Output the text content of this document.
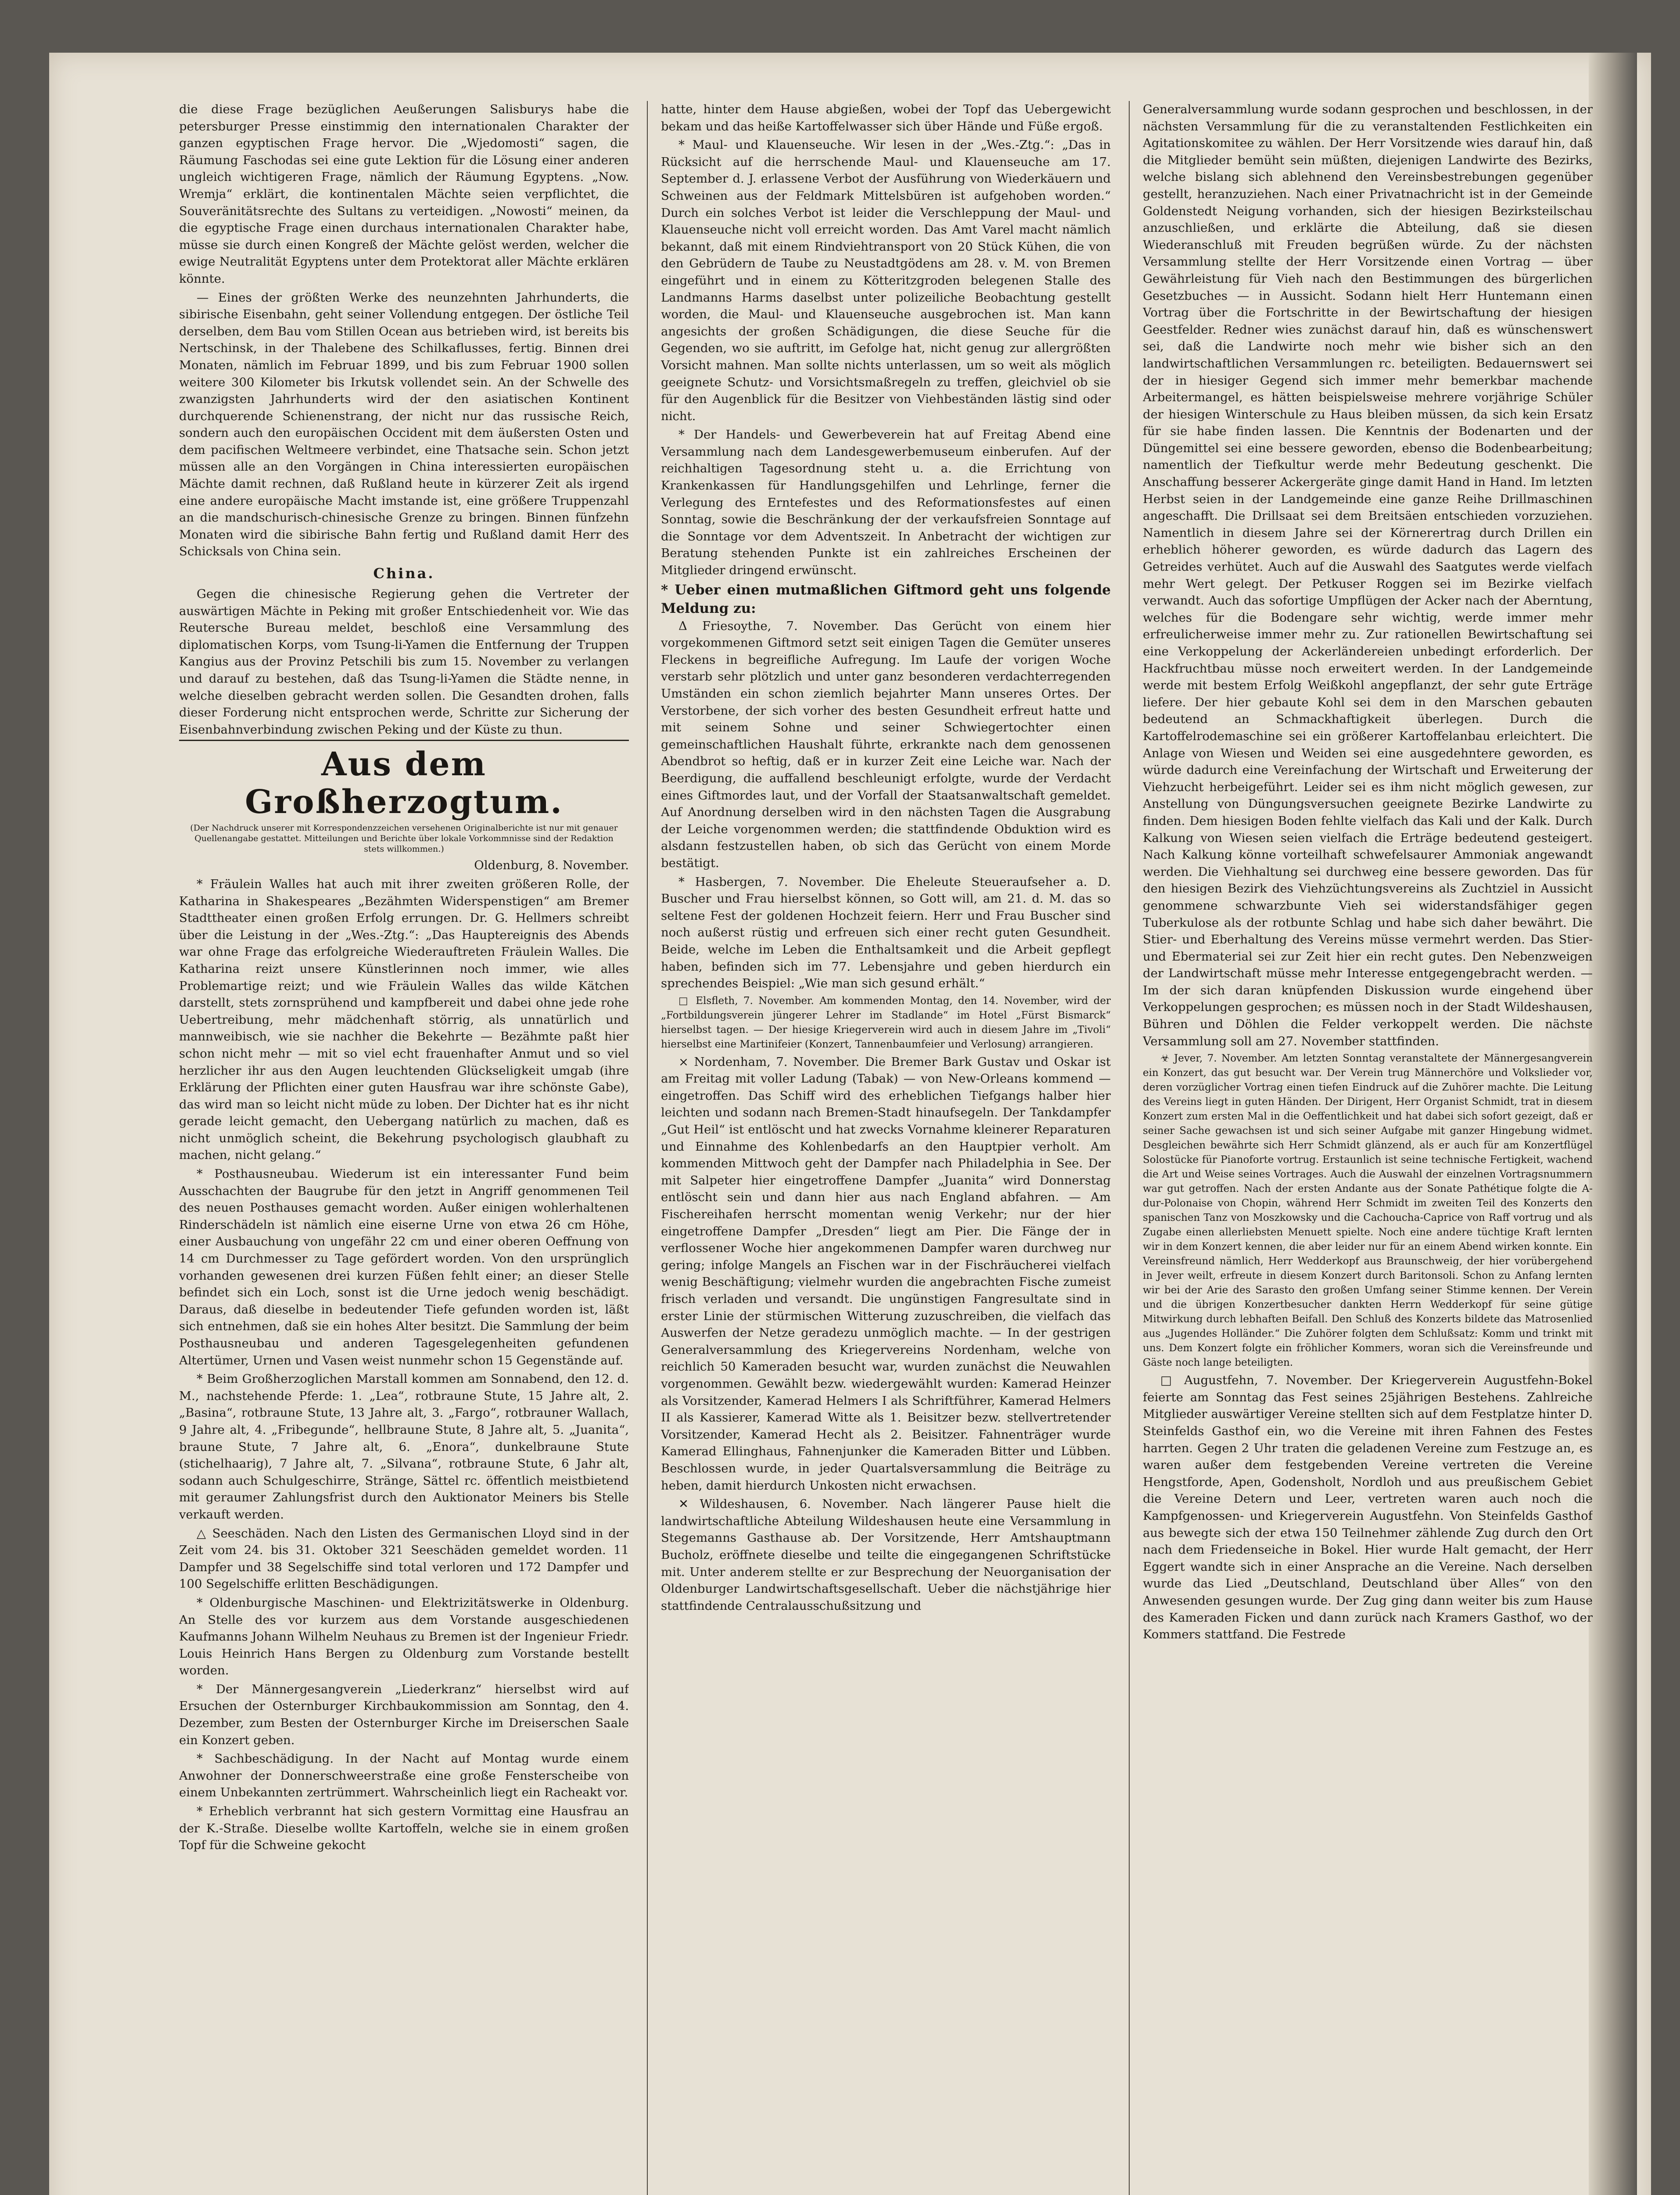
die diese Frage bezüglichen Aeußerungen Salisburys habe die petersburger Presse einstimmig den internationalen Charakter der ganzen egyptischen Frage hervor. Die „Wjedomosti“ sagen, die Räumung Faschodas sei eine gute Lektion für die Lösung einer anderen ungleich wichtigeren Frage, nämlich der Räumung Egyptens. „Now. Wremja“ erklärt, die kontinentalen Mächte seien verpflichtet, die Souveränitätsrechte des Sultans zu verteidigen. „Nowosti“ meinen, da die egyptische Frage einen durchaus internationalen Charakter habe, müsse sie durch einen Kongreß der Mächte gelöst werden, welcher die ewige Neutralität Egyptens unter dem Protektorat aller Mächte erklären könnte.

— Eines der größten Werke des neunzehnten Jahrhunderts, die sibirische Eisenbahn, geht seiner Vollendung entgegen. Der östliche Teil derselben, dem Bau vom Stillen Ocean aus betrieben wird, ist bereits bis Nertschinsk, in der Thalebene des Schilkaflusses, fertig. Binnen drei Monaten, nämlich im Februar 1899, und bis zum Februar 1900 sollen weitere 300 Kilometer bis Irkutsk vollendet sein. An der Schwelle des zwanzigsten Jahrhunderts wird der den asiatischen Kontinent durchquerende Schienenstrang, der nicht nur das russische Reich, sondern auch den europäischen Occident mit dem äußersten Osten und dem pacifischen Weltmeere verbindet, eine Thatsache sein. Schon jetzt müssen alle an den Vorgängen in China interessierten europäischen Mächte damit rechnen, daß Rußland heute in kürzerer Zeit als irgend eine andere europäische Macht imstande ist, eine größere Truppenzahl an die mandschurisch-chinesische Grenze zu bringen. Binnen fünfzehn Monaten wird die sibirische Bahn fertig und Rußland damit Herr des Schicksals von China sein.

China.

Gegen die chinesische Regierung gehen die Vertreter der auswärtigen Mächte in Peking mit großer Entschiedenheit vor. Wie das Reutersche Bureau meldet, beschloß eine Versammlung des diplomatischen Korps, vom Tsung-li-Yamen die Entfernung der Truppen Kangius aus der Provinz Petschili bis zum 15. November zu verlangen und darauf zu bestehen, daß das Tsung-li-Yamen die Städte nenne, in welche dieselben gebracht werden sollen. Die Gesandten drohen, falls dieser Forderung nicht entsprochen werde, Schritte zur Sicherung der Eisenbahnverbindung zwischen Peking und der Küste zu thun.

Aus dem Großherzogtum.
(Der Nachdruck unserer mit Korrespondenzzeichen versehenen Originalberichte ist nur mit genauer Quellenangabe gestattet. Mitteilungen und Berichte über lokale Vorkommnisse sind der Redaktion stets willkommen.)
Oldenburg, 8. November.

* Fräulein Walles hat auch mit ihrer zweiten größeren Rolle, der Katharina in Shakespeares „Bezähmten Widerspenstigen“ am Bremer Stadttheater einen großen Erfolg errungen. Dr. G. Hellmers schreibt über die Leistung in der „Wes.-Ztg.“: „Das Hauptereignis des Abends war ohne Frage das erfolgreiche Wiederauftreten Fräulein Walles. Die Katharina reizt unsere Künstlerinnen noch immer, wie alles Problemartige reizt; und wie Fräulein Walles das wilde Kätchen darstellt, stets zornsprühend und kampfbereit und dabei ohne jede rohe Uebertreibung, mehr mädchenhaft störrig, als unnatürlich und mannweibisch, wie sie nachher die Bekehrte — Bezähmte paßt hier schon nicht mehr — mit so viel echt frauenhafter Anmut und so viel herzlicher ihr aus den Augen leuchtenden Glückseligkeit umgab (ihre Erklärung der Pflichten einer guten Hausfrau war ihre schönste Gabe), das wird man so leicht nicht müde zu loben. Der Dichter hat es ihr nicht gerade leicht gemacht, den Uebergang natürlich zu machen, daß es nicht unmöglich scheint, die Bekehrung psychologisch glaubhaft zu machen, nicht gelang.“

* Posthausneubau. Wiederum ist ein interessanter Fund beim Ausschachten der Baugrube für den jetzt in Angriff genommenen Teil des neuen Posthauses gemacht worden. Außer einigen wohlerhaltenen Rinderschädeln ist nämlich eine eiserne Urne von etwa 26 cm Höhe, einer Ausbauchung von ungefähr 22 cm und einer oberen Oeffnung von 14 cm Durchmesser zu Tage gefördert worden. Von den ursprünglich vorhanden gewesenen drei kurzen Füßen fehlt einer; an dieser Stelle befindet sich ein Loch, sonst ist die Urne jedoch wenig beschädigt. Daraus, daß dieselbe in bedeutender Tiefe gefunden worden ist, läßt sich entnehmen, daß sie ein hohes Alter besitzt. Die Sammlung der beim Posthausneubau und anderen Tagesgelegenheiten gefundenen Altertümer, Urnen und Vasen weist nunmehr schon 15 Gegenstände auf.

* Beim Großherzoglichen Marstall kommen am Sonnabend, den 12. d. M., nachstehende Pferde: 1. „Lea“, rotbraune Stute, 15 Jahre alt, 2. „Basina“, rotbraune Stute, 13 Jahre alt, 3. „Fargo“, rotbrauner Wallach, 9 Jahre alt, 4. „Fribegunde“, hellbraune Stute, 8 Jahre alt, 5. „Juanita“, braune Stute, 7 Jahre alt, 6. „Enora“, dunkelbraune Stute (stichelhaarig), 7 Jahre alt, 7. „Silvana“, rotbraune Stute, 6 Jahr alt, sodann auch Schulgeschirre, Stränge, Sättel rc. öffentlich meistbietend mit geraumer Zahlungsfrist durch den Auktionator Meiners bis Stelle verkauft werden.

△ Seeschäden. Nach den Listen des Germanischen Lloyd sind in der Zeit vom 24. bis 31. Oktober 321 Seeschäden gemeldet worden. 11 Dampfer und 38 Segelschiffe sind total verloren und 172 Dampfer und 100 Segelschiffe erlitten Beschädigungen.

* Oldenburgische Maschinen- und Elektrizitätswerke in Oldenburg. An Stelle des vor kurzem aus dem Vorstande ausgeschiedenen Kaufmanns Johann Wilhelm Neuhaus zu Bremen ist der Ingenieur Friedr. Louis Heinrich Hans Bergen zu Oldenburg zum Vorstande bestellt worden.

* Der Männergesangverein „Liederkranz“ hierselbst wird auf Ersuchen der Osternburger Kirchbaukommission am Sonntag, den 4. Dezember, zum Besten der Osternburger Kirche im Dreiserschen Saale ein Konzert geben.

* Sachbeschädigung. In der Nacht auf Montag wurde einem Anwohner der Donnerschweerstraße eine große Fensterscheibe von einem Unbekannten zertrümmert. Wahrscheinlich liegt ein Racheakt vor.

* Erheblich verbrannt hat sich gestern Vormittag eine Hausfrau an der K.-Straße. Dieselbe wollte Kartoffeln, welche sie in einem großen Topf für die Schweine gekocht

hatte, hinter dem Hause abgießen, wobei der Topf das Uebergewicht bekam und das heiße Kartoffelwasser sich über Hände und Füße ergoß.

* Maul- und Klauenseuche. Wir lesen in der „Wes.-Ztg.“: „Das in Rücksicht auf die herrschende Maul- und Klauenseuche am 17. September d. J. erlassene Verbot der Ausführung von Wiederkäuern und Schweinen aus der Feldmark Mittelsbüren ist aufgehoben worden.“ Durch ein solches Verbot ist leider die Verschleppung der Maul- und Klauenseuche nicht voll erreicht worden. Das Amt Varel macht nämlich bekannt, daß mit einem Rindviehtransport von 20 Stück Kühen, die von den Gebrüdern de Taube zu Neustadtgödens am 28. v. M. von Bremen eingeführt und in einem zu Kötteritzgroden belegenen Stalle des Landmanns Harms daselbst unter polizeiliche Beobachtung gestellt worden, die Maul- und Klauenseuche ausgebrochen ist. Man kann angesichts der großen Schädigungen, die diese Seuche für die Gegenden, wo sie auftritt, im Gefolge hat, nicht genug zur allergrößten Vorsicht mahnen. Man sollte nichts unterlassen, um so weit als möglich geeignete Schutz- und Vorsichtsmaßregeln zu treffen, gleichviel ob sie für den Augenblick für die Besitzer von Viehbeständen lästig sind oder nicht.

* Der Handels- und Gewerbeverein hat auf Freitag Abend eine Versammlung nach dem Landesgewerbemuseum einberufen. Auf der reichhaltigen Tagesordnung steht u. a. die Errichtung von Krankenkassen für Handlungsgehilfen und Lehrlinge, ferner die Verlegung des Erntefestes und des Reformationsfestes auf einen Sonntag, sowie die Beschränkung der der verkaufsfreien Sonntage auf die Sonntage vor dem Adventszeit. In Anbetracht der wichtigen zur Beratung stehenden Punkte ist ein zahlreiches Erscheinen der Mitglieder dringend erwünscht.

* Ueber einen mutmaßlichen Giftmord geht uns folgende Meldung zu:

Δ Friesoythe, 7. November. Das Gerücht von einem hier vorgekommenen Giftmord setzt seit einigen Tagen die Gemüter unseres Fleckens in begreifliche Aufregung. Im Laufe der vorigen Woche verstarb sehr plötzlich und unter ganz besonderen verdachterregenden Umständen ein schon ziemlich bejahrter Mann unseres Ortes. Der Verstorbene, der sich vorher des besten Gesundheit erfreut hatte und mit seinem Sohne und seiner Schwiegertochter einen gemeinschaftlichen Haushalt führte, erkrankte nach dem genossenen Abendbrot so heftig, daß er in kurzer Zeit eine Leiche war. Nach der Beerdigung, die auffallend beschleunigt erfolgte, wurde der Verdacht eines Giftmordes laut, und der Vorfall der Staatsanwaltschaft gemeldet. Auf Anordnung derselben wird in den nächsten Tagen die Ausgrabung der Leiche vorgenommen werden; die stattfindende Obduktion wird es alsdann festzustellen haben, ob sich das Gerücht von einem Morde bestätigt.

* Hasbergen, 7. November. Die Eheleute Steueraufseher a. D. Buscher und Frau hierselbst können, so Gott will, am 21. d. M. das so seltene Fest der goldenen Hochzeit feiern. Herr und Frau Buscher sind noch außerst rüstig und erfreuen sich einer recht guten Gesundheit. Beide, welche im Leben die Enthaltsamkeit und die Arbeit gepflegt haben, befinden sich im 77. Lebensjahre und geben hierdurch ein sprechendes Beispiel: „Wie man sich gesund erhält.“

□ Elsfleth, 7. November. Am kommenden Montag, den 14. November, wird der „Fortbildungsverein jüngerer Lehrer im Stadlande“ im Hotel „Fürst Bismarck“ hierselbst tagen. — Der hiesige Kriegerverein wird auch in diesem Jahre im „Tivoli“ hierselbst eine Martinifeier (Konzert, Tannenbaumfeier und Verlosung) arrangieren.

× Nordenham, 7. November. Die Bremer Bark Gustav und Oskar ist am Freitag mit voller Ladung (Tabak) — von New-Orleans kommend — eingetroffen. Das Schiff wird des erheblichen Tiefgangs halber hier leichten und sodann nach Bremen-Stadt hinaufsegeln. Der Tankdampfer „Gut Heil“ ist entlöscht und hat zwecks Vornahme kleinerer Reparaturen und Einnahme des Kohlenbedarfs an den Hauptpier verholt. Am kommenden Mittwoch geht der Dampfer nach Philadelphia in See. Der mit Salpeter hier eingetroffene Dampfer „Juanita“ wird Donnerstag entlöscht sein und dann hier aus nach England abfahren. — Am Fischereihafen herrscht momentan wenig Verkehr; nur der hier eingetroffene Dampfer „Dresden“ liegt am Pier. Die Fänge der in verflossener Woche hier angekommenen Dampfer waren durchweg nur gering; infolge Mangels an Fischen war in der Fischräucherei vielfach wenig Beschäftigung; vielmehr wurden die angebrachten Fische zumeist frisch verladen und versandt. Die ungünstigen Fangresultate sind in erster Linie der stürmischen Witterung zuzuschreiben, die vielfach das Auswerfen der Netze geradezu unmöglich machte. — In der gestrigen Generalversammlung des Kriegervereins Nordenham, welche von reichlich 50 Kameraden besucht war, wurden zunächst die Neuwahlen vorgenommen. Gewählt bezw. wiedergewählt wurden: Kamerad Heinzer als Vorsitzender, Kamerad Helmers I als Schriftführer, Kamerad Helmers II als Kassierer, Kamerad Witte als 1. Beisitzer bezw. stellvertretender Vorsitzender, Kamerad Hecht als 2. Beisitzer. Fahnenträger wurde Kamerad Ellinghaus, Fahnenjunker die Kameraden Bitter und Lübben. Beschlossen wurde, in jeder Quartalsversammlung die Beiträge zu heben, damit hierdurch Unkosten nicht erwachsen.

✕ Wildeshausen, 6. November. Nach längerer Pause hielt die landwirtschaftliche Abteilung Wildeshausen heute eine Versammlung in Stegemanns Gasthause ab. Der Vorsitzende, Herr Amtshauptmann Bucholz, eröffnete dieselbe und teilte die eingegangenen Schriftstücke mit. Unter anderem stellte er zur Besprechung der Neuorganisation der Oldenburger Landwirtschaftsgesellschaft. Ueber die nächstjährige hier stattfindende Centralausschußsitzung und

Generalversammlung wurde sodann gesprochen und beschlossen, in der nächsten Versammlung für die zu veranstaltenden Festlichkeiten ein Agitationskomitee zu wählen. Der Herr Vorsitzende wies darauf hin, daß die Mitglieder bemüht sein müßten, diejenigen Landwirte des Bezirks, welche bislang sich ablehnend den Vereinsbestrebungen gegenüber gestellt, heranzuziehen. Nach einer Privatnachricht ist in der Gemeinde Goldenstedt Neigung vorhanden, sich der hiesigen Bezirksteilschau anzuschließen, und erklärte die Abteilung, daß sie diesen Wiederanschluß mit Freuden begrüßen würde. Zu der nächsten Versammlung stellte der Herr Vorsitzende einen Vortrag — über Gewährleistung für Vieh nach den Bestimmungen des bürgerlichen Gesetzbuches — in Aussicht. Sodann hielt Herr Huntemann einen Vortrag über die Fortschritte in der Bewirtschaftung der hiesigen Geestfelder. Redner wies zunächst darauf hin, daß es wünschenswert sei, daß die Landwirte noch mehr wie bisher sich an den landwirtschaftlichen Versammlungen rc. beteiligten. Bedauernswert sei der in hiesiger Gegend sich immer mehr bemerkbar machende Arbeitermangel, es hätten beispielsweise mehrere vorjährige Schüler der hiesigen Winterschule zu Haus bleiben müssen, da sich kein Ersatz für sie habe finden lassen. Die Kenntnis der Bodenarten und der Düngemittel sei eine bessere geworden, ebenso die Bodenbearbeitung; namentlich der Tiefkultur werde mehr Bedeutung geschenkt. Die Anschaffung besserer Ackergeräte ginge damit Hand in Hand. Im letzten Herbst seien in der Landgemeinde eine ganze Reihe Drillmaschinen angeschafft. Die Drillsaat sei dem Breitsäen entschieden vorzuziehen. Namentlich in diesem Jahre sei der Körnerertrag durch Drillen ein erheblich höherer geworden, es würde dadurch das Lagern des Getreides verhütet. Auch auf die Auswahl des Saatgutes werde vielfach mehr Wert gelegt. Der Petkuser Roggen sei im Bezirke vielfach verwandt. Auch das sofortige Umpflügen der Acker nach der Aberntung, welches für die Bodengare sehr wichtig, werde immer mehr erfreulicherweise immer mehr zu. Zur rationellen Bewirtschaftung sei eine Verkoppelung der Ackerländereien unbedingt erforderlich. Der Hackfruchtbau müsse noch erweitert werden. In der Landgemeinde werde mit bestem Erfolg Weißkohl angepflanzt, der sehr gute Erträge liefere. Der hier gebaute Kohl sei dem in den Marschen gebauten bedeutend an Schmackhaftigkeit überlegen. Durch die Kartoffelrodemaschine sei ein größerer Kartoffelanbau erleichtert. Die Anlage von Wiesen und Weiden sei eine ausgedehntere geworden, es würde dadurch eine Vereinfachung der Wirtschaft und Erweiterung der Viehzucht herbeigeführt. Leider sei es ihm nicht möglich gewesen, zur Anstellung von Düngungsversuchen geeignete Bezirke Landwirte zu finden. Dem hiesigen Boden fehlte vielfach das Kali und der Kalk. Durch Kalkung von Wiesen seien vielfach die Erträge bedeutend gesteigert. Nach Kalkung könne vorteilhaft schwefelsaurer Ammoniak angewandt werden. Die Viehhaltung sei durchweg eine bessere geworden. Das für den hiesigen Bezirk des Viehzüchtungsvereins als Zuchtziel in Aussicht genommene schwarzbunte Vieh sei widerstandsfähiger gegen Tuberkulose als der rotbunte Schlag und habe sich daher bewährt. Die Stier- und Eberhaltung des Vereins müsse vermehrt werden. Das Stier- und Ebermaterial sei zur Zeit hier ein recht gutes. Den Nebenzweigen der Landwirtschaft müsse mehr Interesse entgegengebracht werden. — Im der sich daran knüpfenden Diskussion wurde eingehend über Verkoppelungen gesprochen; es müssen noch in der Stadt Wildeshausen, Bühren und Döhlen die Felder verkoppelt werden. Die nächste Versammlung soll am 27. November stattfinden.

☣ Jever, 7. November. Am letzten Sonntag veranstaltete der Männergesangverein ein Konzert, das gut besucht war. Der Verein trug Männerchöre und Volkslieder vor, deren vorzüglicher Vortrag einen tiefen Eindruck auf die Zuhörer machte. Die Leitung des Vereins liegt in guten Händen. Der Dirigent, Herr Organist Schmidt, trat in diesem Konzert zum ersten Mal in die Oeffentlichkeit und hat dabei sich sofort gezeigt, daß er seiner Sache gewachsen ist und sich seiner Aufgabe mit ganzer Hingebung widmet. Desgleichen bewährte sich Herr Schmidt glänzend, als er auch für am Konzertflügel Solostücke für Pianoforte vortrug. Erstaunlich ist seine technische Fertigkeit, wachend die Art und Weise seines Vortrages. Auch die Auswahl der einzelnen Vortragsnummern war gut getroffen. Nach der ersten Andante aus der Sonate Pathétique folgte die A-dur-Polonaise von Chopin, während Herr Schmidt im zweiten Teil des Konzerts den spanischen Tanz von Moszkowsky und die Cachoucha-Caprice von Raff vortrug und als Zugabe einen allerliebsten Menuett spielte. Noch eine andere tüchtige Kraft lernten wir in dem Konzert kennen, die aber leider nur für an einem Abend wirken konnte. Ein Vereinsfreund nämlich, Herr Wedderkopf aus Braunschweig, der hier vorübergehend in Jever weilt, erfreute in diesem Konzert durch Baritonsoli. Schon zu Anfang lernten wir bei der Arie des Sarasto den großen Umfang seiner Stimme kennen. Der Verein und die übrigen Konzertbesucher dankten Herrn Wedderkopf für seine gütige Mitwirkung durch lebhaften Beifall. Den Schluß des Konzerts bildete das Matrosenlied aus „Jugendes Holländer.“ Die Zuhörer folgten dem Schlußsatz: Komm und trinkt mit uns. Dem Konzert folgte ein fröhlicher Kommers, woran sich die Vereinsfreunde und Gäste noch lange beteiligten.

□ Augustfehn, 7. November. Der Kriegerverein Augustfehn-Bokel feierte am Sonntag das Fest seines 25jährigen Bestehens. Zahlreiche Mitglieder auswärtiger Vereine stellten sich auf dem Festplatze hinter D. Steinfelds Gasthof ein, wo die Vereine mit ihren Fahnen des Festes harrten. Gegen 2 Uhr traten die geladenen Vereine zum Festzuge an, es waren außer dem festgebenden Vereine vertreten die Vereine Hengstforde, Apen, Godensholt, Nordloh und aus preußischem Gebiet die Vereine Detern und Leer, vertreten waren auch noch die Kampfgenossen- und Kriegerverein Augustfehn. Von Steinfelds Gasthof aus bewegte sich der etwa 150 Teilnehmer zählende Zug durch den Ort nach dem Friedenseiche in Bokel. Hier wurde Halt gemacht, der Herr Eggert wandte sich in einer Ansprache an die Vereine. Nach derselben wurde das Lied „Deutschland, Deutschland über Alles“ von den Anwesenden gesungen wurde. Der Zug ging dann weiter bis zum Hause des Kameraden Ficken und dann zurück nach Kramers Gasthof, wo der Kommers stattfand. Die Festrede
